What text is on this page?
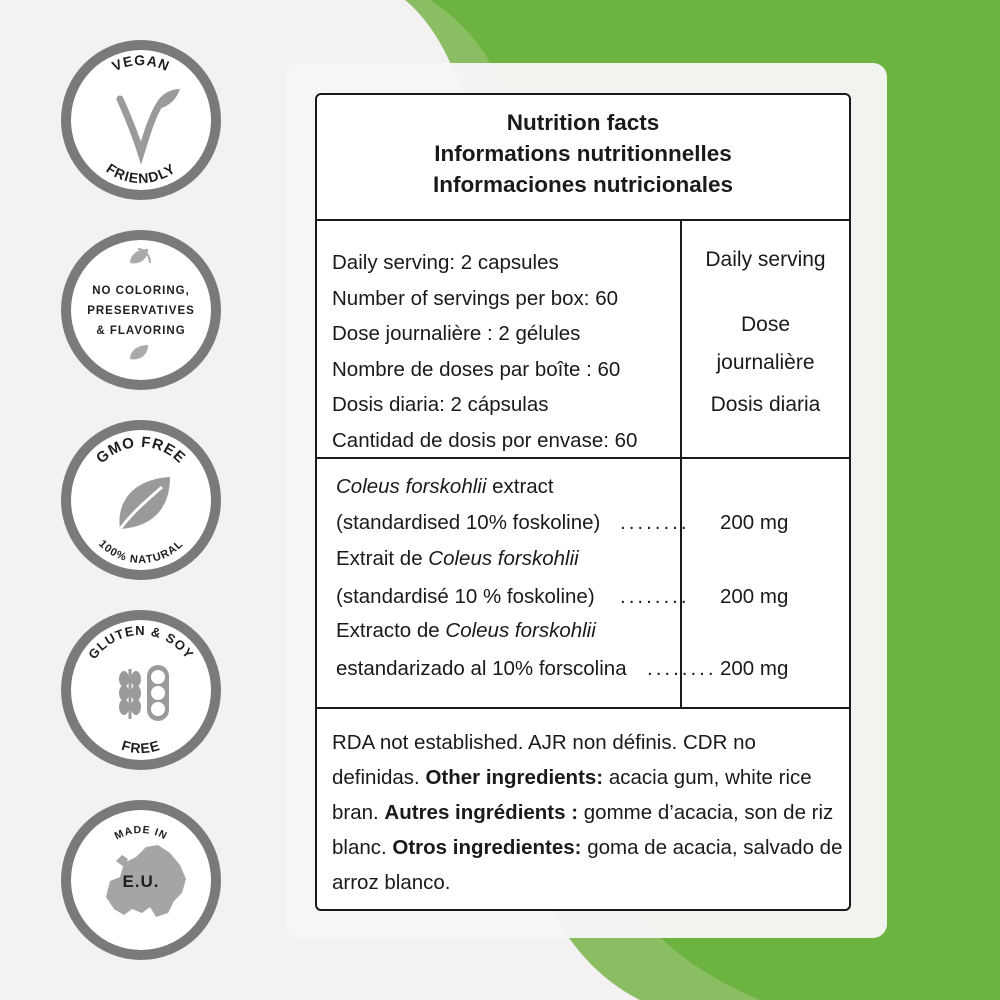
VEGAN
FRIENDLY
NO COLORING,
PRESERVATIVES
& FLAVORING
GMO FREE
100% NATURAL
GLUTEN & SOY
FREE
MADE IN
E.U.
Nutrition facts
Informations nutritionnelles
Informaciones nutricionales
Daily serving: 2 capsules
Number of servings per box: 60
Dose journalière : 2 gélules
Nombre de doses par boîte : 60
Dosis diaria: 2 cápsulas
Cantidad de dosis por envase: 60
Daily serving
Dose
journalière
Dosis diaria
Coleus forskohlii extract
(standardised 10% foskoline)
Extrait de Coleus forskohlii
(standardisé 10 % foskoline)
Extracto de Coleus forskohlii
estandarizado al 10% forscolina
........
........
........
200 mg
200 mg
200 mg
RDA not established. AJR non définis. CDR no definidas. Other ingredients: acacia gum, white rice bran. Autres ingrédients : gomme d’acacia, son de riz blanc. Otros ingredientes: goma de acacia, salvado de arroz blanco.
